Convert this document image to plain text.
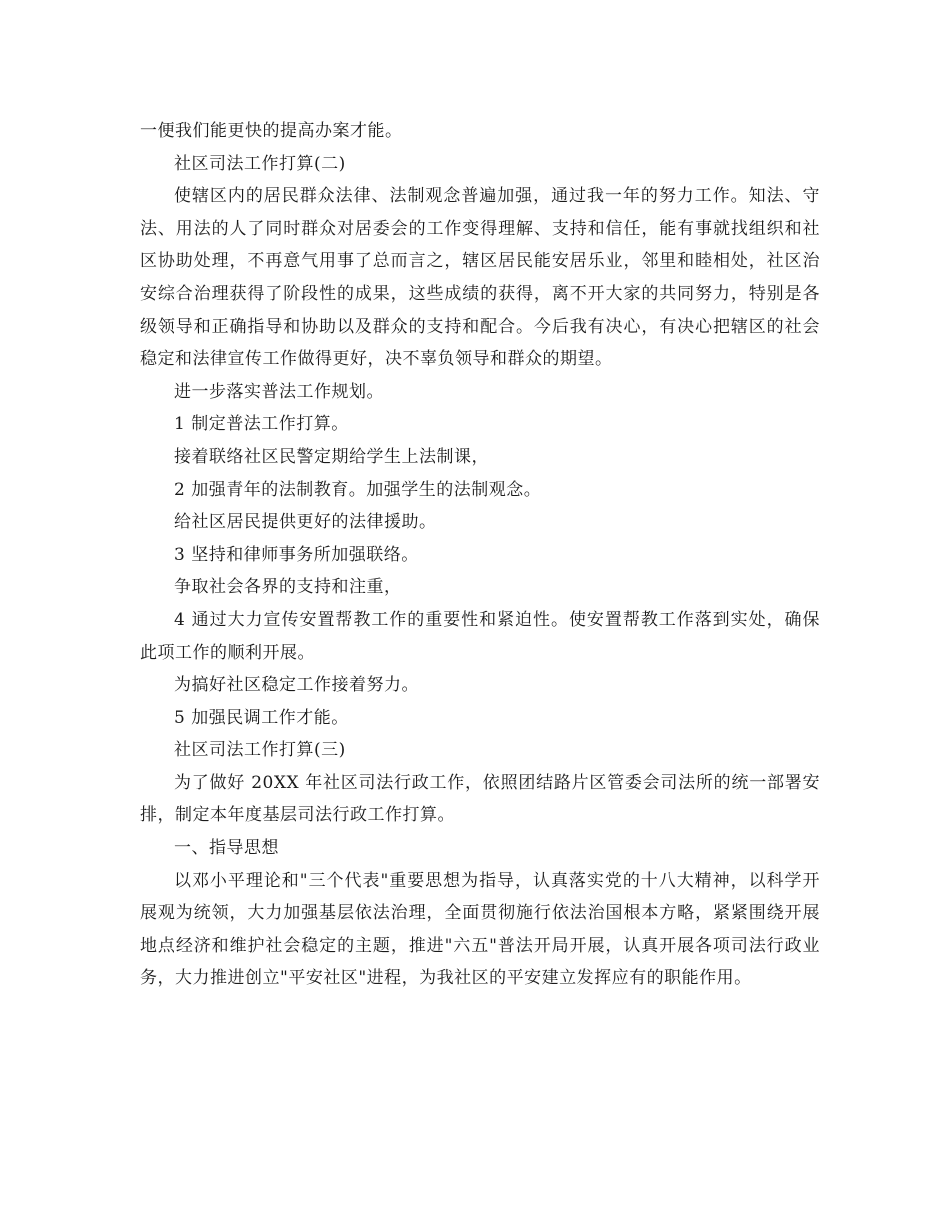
一便我们能更快的提高办案才能。

社区司法工作打算(二)

使辖区内的居民群众法律、法制观念普遍加强，通过我一年的努力工作。知法、守法、用法的人了同时群众对居委会的工作变得理解、支持和信任，能有事就找组织和社区协助处理，不再意气用事了总而言之，辖区居民能安居乐业，邻里和睦相处，社区治安综合治理获得了阶段性的成果，这些成绩的获得，离不开大家的共同努力，特别是各级领导和正确指导和协助以及群众的支持和配合。今后我有决心，有决心把辖区的社会稳定和法律宣传工作做得更好，决不辜负领导和群众的期望。

进一步落实普法工作规划。

1 制定普法工作打算。

接着联络社区民警定期给学生上法制课，

2 加强青年的法制教育。加强学生的法制观念。

给社区居民提供更好的法律援助。

3 坚持和律师事务所加强联络。

争取社会各界的支持和注重，

4 通过大力宣传安置帮教工作的重要性和紧迫性。使安置帮教工作落到实处，确保此项工作的顺利开展。

为搞好社区稳定工作接着努力。

5 加强民调工作才能。

社区司法工作打算(三)

为了做好 20XX 年社区司法行政工作，依照团结路片区管委会司法所的统一部署安排，制定本年度基层司法行政工作打算。

一、指导思想

以邓小平理论和"三个代表"重要思想为指导，认真落实党的十八大精神，以科学开展观为统领，大力加强基层依法治理，全面贯彻施行依法治国根本方略，紧紧围绕开展地点经济和维护社会稳定的主题，推进"六五"普法开局开展，认真开展各项司法行政业务，大力推进创立"平安社区"进程，为我社区的平安建立发挥应有的职能作用。
